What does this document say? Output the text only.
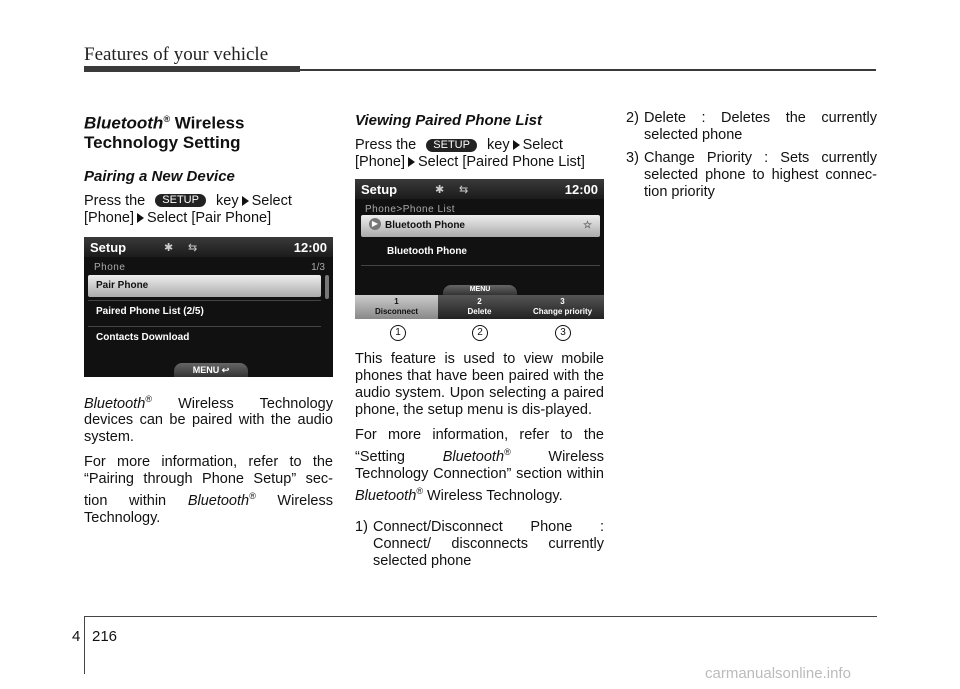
Features of your vehicle
Bluetooth® Wireless
Technology Setting
Pairing a New Device
Press the SETUP key Select
[Phone] Select [Pair Phone]
Setup	✱ ⇆	12:00
Phone	1/3
Pair Phone
Paired Phone List (2/5)
Contacts Download
MENU ↩
Bluetooth® Wireless Technology devices can be paired with the audio system.
For more information, refer to the “Pairing through Phone Setup” sec-tion within Bluetooth® Wireless Technology.
Viewing Paired Phone List
Press the SETUP key Select
[Phone] Select [Paired Phone List]
Setup	✱ ⇆	12:00
Phone>Phone List
Bluetooth Phone	☆
▶
Bluetooth Phone
MENU
1
Disconnect
2
Delete
3
Change priority
1	2	3
This feature is used to view mobile phones that have been paired with the audio system. Upon selecting a paired phone, the setup menu is dis-played.
For more information, refer to the “Setting	Bluetooth® Wireless Technology Connection” section within Bluetooth® Wireless Technology.
1) Connect/Disconnect Phone : Connect/ disconnects currently selected phone
2) Delete : Deletes the currently selected phone
3) Change Priority : Sets currently selected phone to highest connec-tion priority
4 216
carmanualsonline.info
